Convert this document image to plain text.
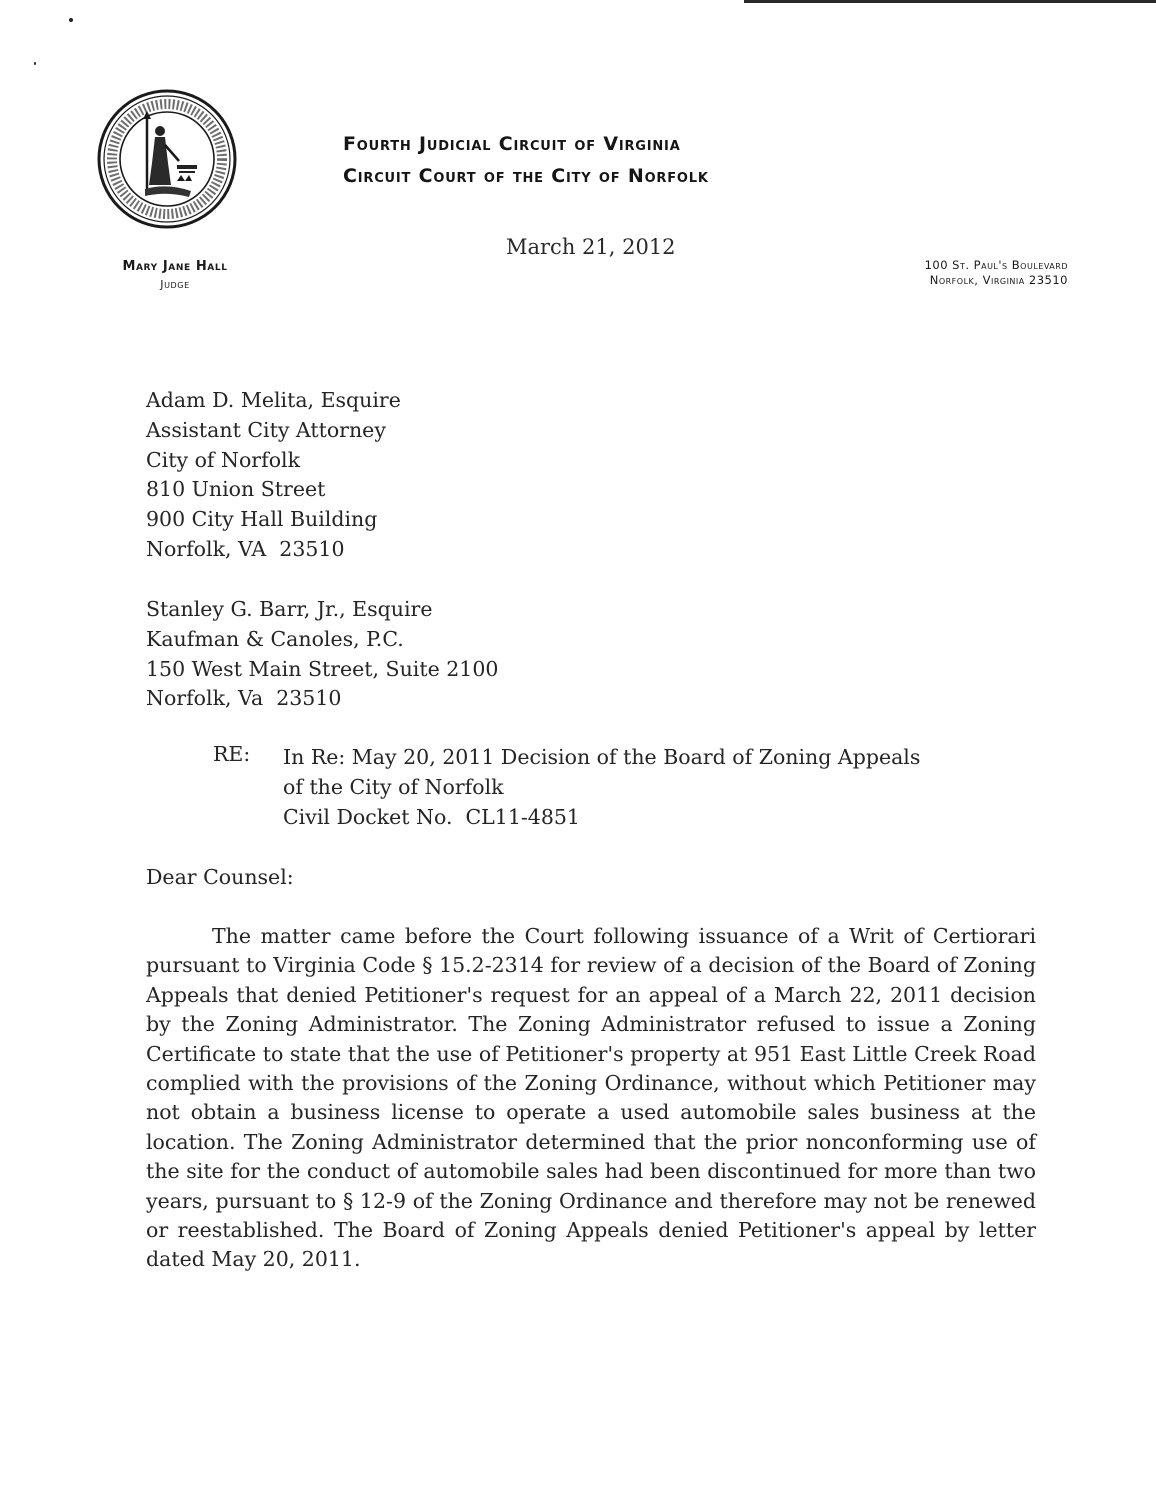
Fourth Judicial Circuit of Virginia
Circuit Court of the City of Norfolk
Mary Jane Hall
Judge
March 21, 2012
100 St. Paul's Boulevard
Norfolk, Virginia 23510
Adam D. Melita, Esquire
Assistant City Attorney
City of Norfolk
810 Union Street
900 City Hall Building
Norfolk, VA  23510
Stanley G. Barr, Jr., Esquire
Kaufman & Canoles, P.C.
150 West Main Street, Suite 2100
Norfolk, Va  23510
RE: In Re: May 20, 2011 Decision of the Board of Zoning Appeals
of the City of Norfolk
Civil Docket No.  CL11-4851
Dear Counsel:

The matter came before the Court following issuance of a Writ of Certiorari pursuant to Virginia Code § 15.2-2314 for review of a decision of the Board of Zoning Appeals that denied Petitioner's request for an appeal of a March 22, 2011 decision by the Zoning Administrator. The Zoning Administrator refused to issue a Zoning Certificate to state that the use of Petitioner's property at 951 East Little Creek Road complied with the provisions of the Zoning Ordinance, without which Petitioner may not obtain a business license to operate a used automobile sales business at the location. The Zoning Administrator determined that the prior nonconforming use of the site for the conduct of automobile sales had been discontinued for more than two years, pursuant to § 12-9 of the Zoning Ordinance and therefore may not be renewed or reestablished. The Board of Zoning Appeals denied Petitioner's appeal by letter dated May 20, 2011.
